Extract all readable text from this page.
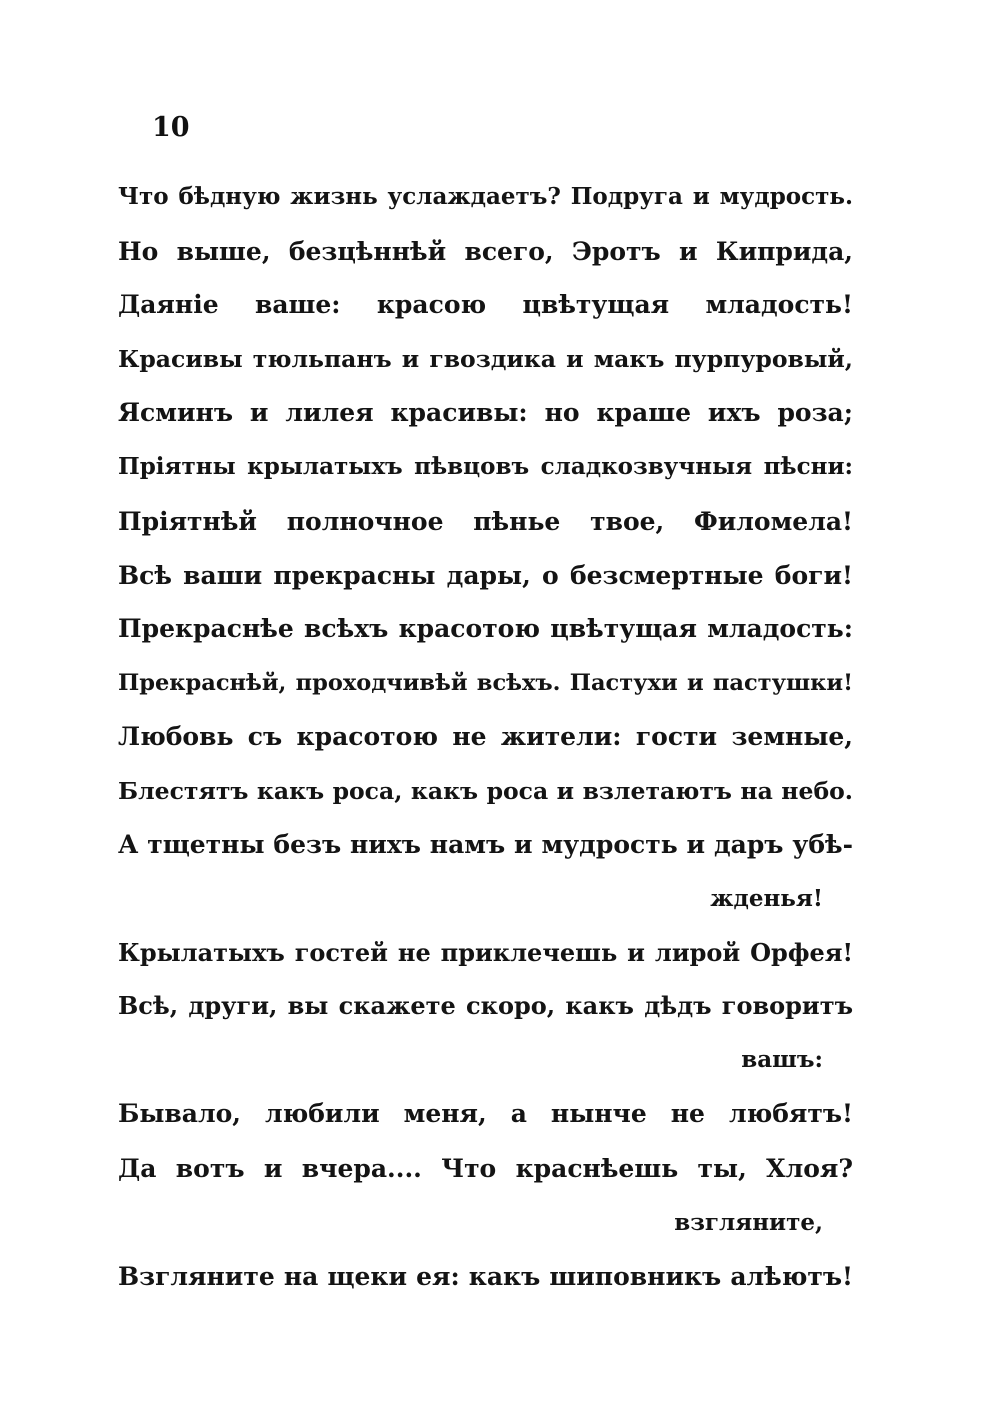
10
Что бѣдную жизнь услаждаетъ? Подруга и мудрость.
Но выше, безцѣннѣй всего, Эротъ и Киприда,
Даяніе ваше: красою цвѣтущая младость!
Красивы тюльпанъ и гвоздика и макъ пурпуровый,
Ясминъ и лилея красивы: но краше ихъ роза;
Пріятны крылатыхъ пѣвцовъ сладкозвучныя пѣсни:
Пріятнѣй полночное пѣнье твое, Филомела!
Всѣ ваши прекрасны дары, о безсмертные боги!
Прекраснѣе всѣхъ красотою цвѣтущая младость:
Прекраснѣй, проходчивѣй всѣхъ. Пастухи и пастушки!
Любовь съ красотою не жители: гости земные,
Блестятъ какъ роса, какъ роса и взлетаютъ на небо.
А тщетны безъ нихъ намъ и мудрость и даръ убѣ-
жденья!
Крылатыхъ гостей не приклечешь и лирой Орфея!
Всѣ, други, вы скажете скоро, какъ дѣдъ говоритъ
вашъ:
Бывало, любили меня, а нынче не любятъ!
Да вотъ и вчера.... Что краснѣешь ты, Хлоя?
взгляните,
Взгляните на щеки ея: какъ шиповникъ алѣютъ!
